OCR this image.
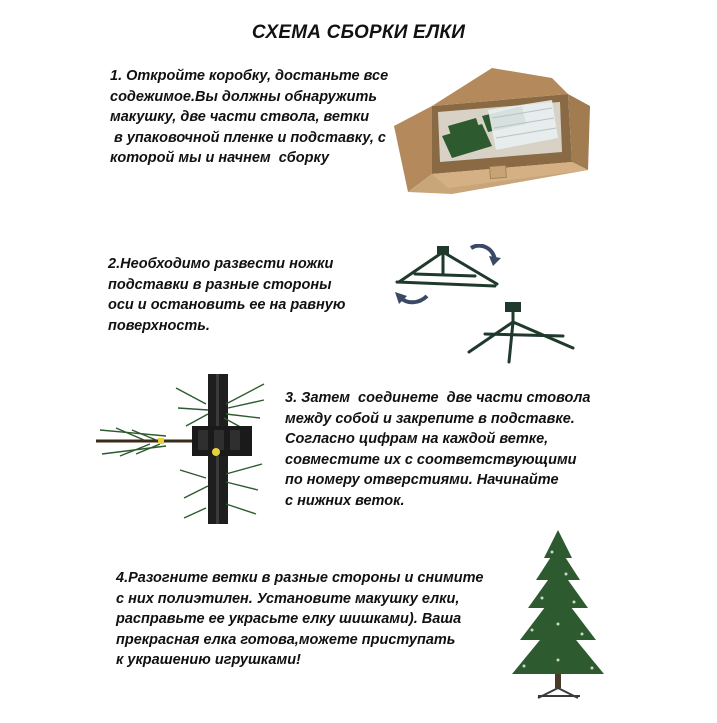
СХЕМА СБОРКИ ЕЛКИ

1. Откройте коробку, достаньте все
содежимое.Вы должны обнаружить
макушку, две части ствола, ветки
в упаковочной пленке и подставку, с
которой мы и начнем  сборку

2.Необходимо развести ножки
подставки в разные стороны
оси и остановить ее на равную
поверхность.

3. Затем  соединете  две части стовола
между собой и закрепите в подставке.
Согласно цифрам на каждой ветке,
совместите их с соответствующими
по номеру отверстиями. Начинайте
с нижних веток.

4.Разогните ветки в разные стороны и снимите
с них полиэтилен. Установите макушку елки,
расправьте ее украсьте елку шишками). Ваша
прекрасная елка готова,можете приступать
к украшению игрушками!
